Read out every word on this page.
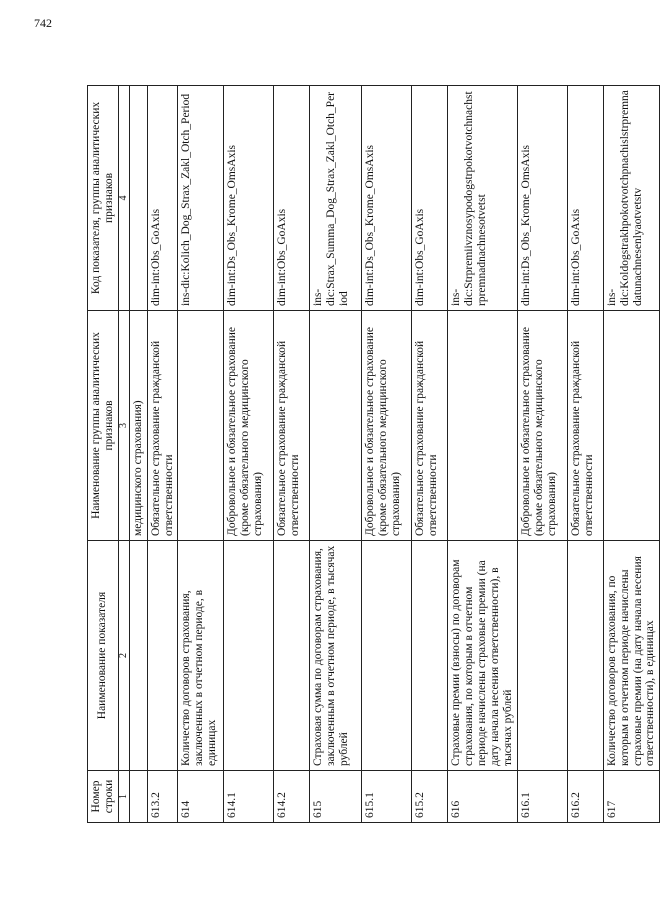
Номер строки	Наименование показателя	Наименование группы аналитических признаков	Код показателя, группы аналитических признаков
1	2	3	4
		медицинского страхования)	
613.2		Обязательное страхование гражданской ответственности	dim-int:Obs_GoAxis
614	Количество договоров страхования, заключенных в отчетном периоде, в единицах		ins-dic:Kolich_Dog_Strax_Zakl_Otch_Period
614.1		Добровольное и обязательное страхование (кроме обязательного медицинского страхования)	dim-int:Ds_Obs_Krome_OmsAxis
614.2		Обязательное страхование гражданской ответственности	dim-int:Obs_GoAxis
615	Страховая сумма по договорам страхования, заключенным в отчетном периоде, в тысячах рублей		ins-dic:Strax_Summa_Dog_Strax_Zakl_Otch_Period
615.1		Добровольное и обязательное страхование (кроме обязательного медицинского страхования)	dim-int:Ds_Obs_Krome_OmsAxis
615.2		Обязательное страхование гражданской ответственности	dim-int:Obs_GoAxis
616	Страховые премии (взносы) по договорам страхования, по которым в отчетном периоде начислены страховые премии (на дату начала несения ответственности), в тысячах рублей		ins-dic:Strpremiivznosypodogstrpokotvotchnachstrpremnadnachnesotvetst
616.1		Добровольное и обязательное страхование (кроме обязательного медицинского страхования)	dim-int:Ds_Obs_Krome_OmsAxis
616.2		Обязательное страхование гражданской ответственности	dim-int:Obs_GoAxis
617	Количество договоров страхования, по которым в отчетном периоде начислены страховые премии (на дату начала несения ответственности), в единицах		ins-dic:Koldogstrakhpokotvotchpnachislstrpremnadatunachnesenlyaotvetstv
742
